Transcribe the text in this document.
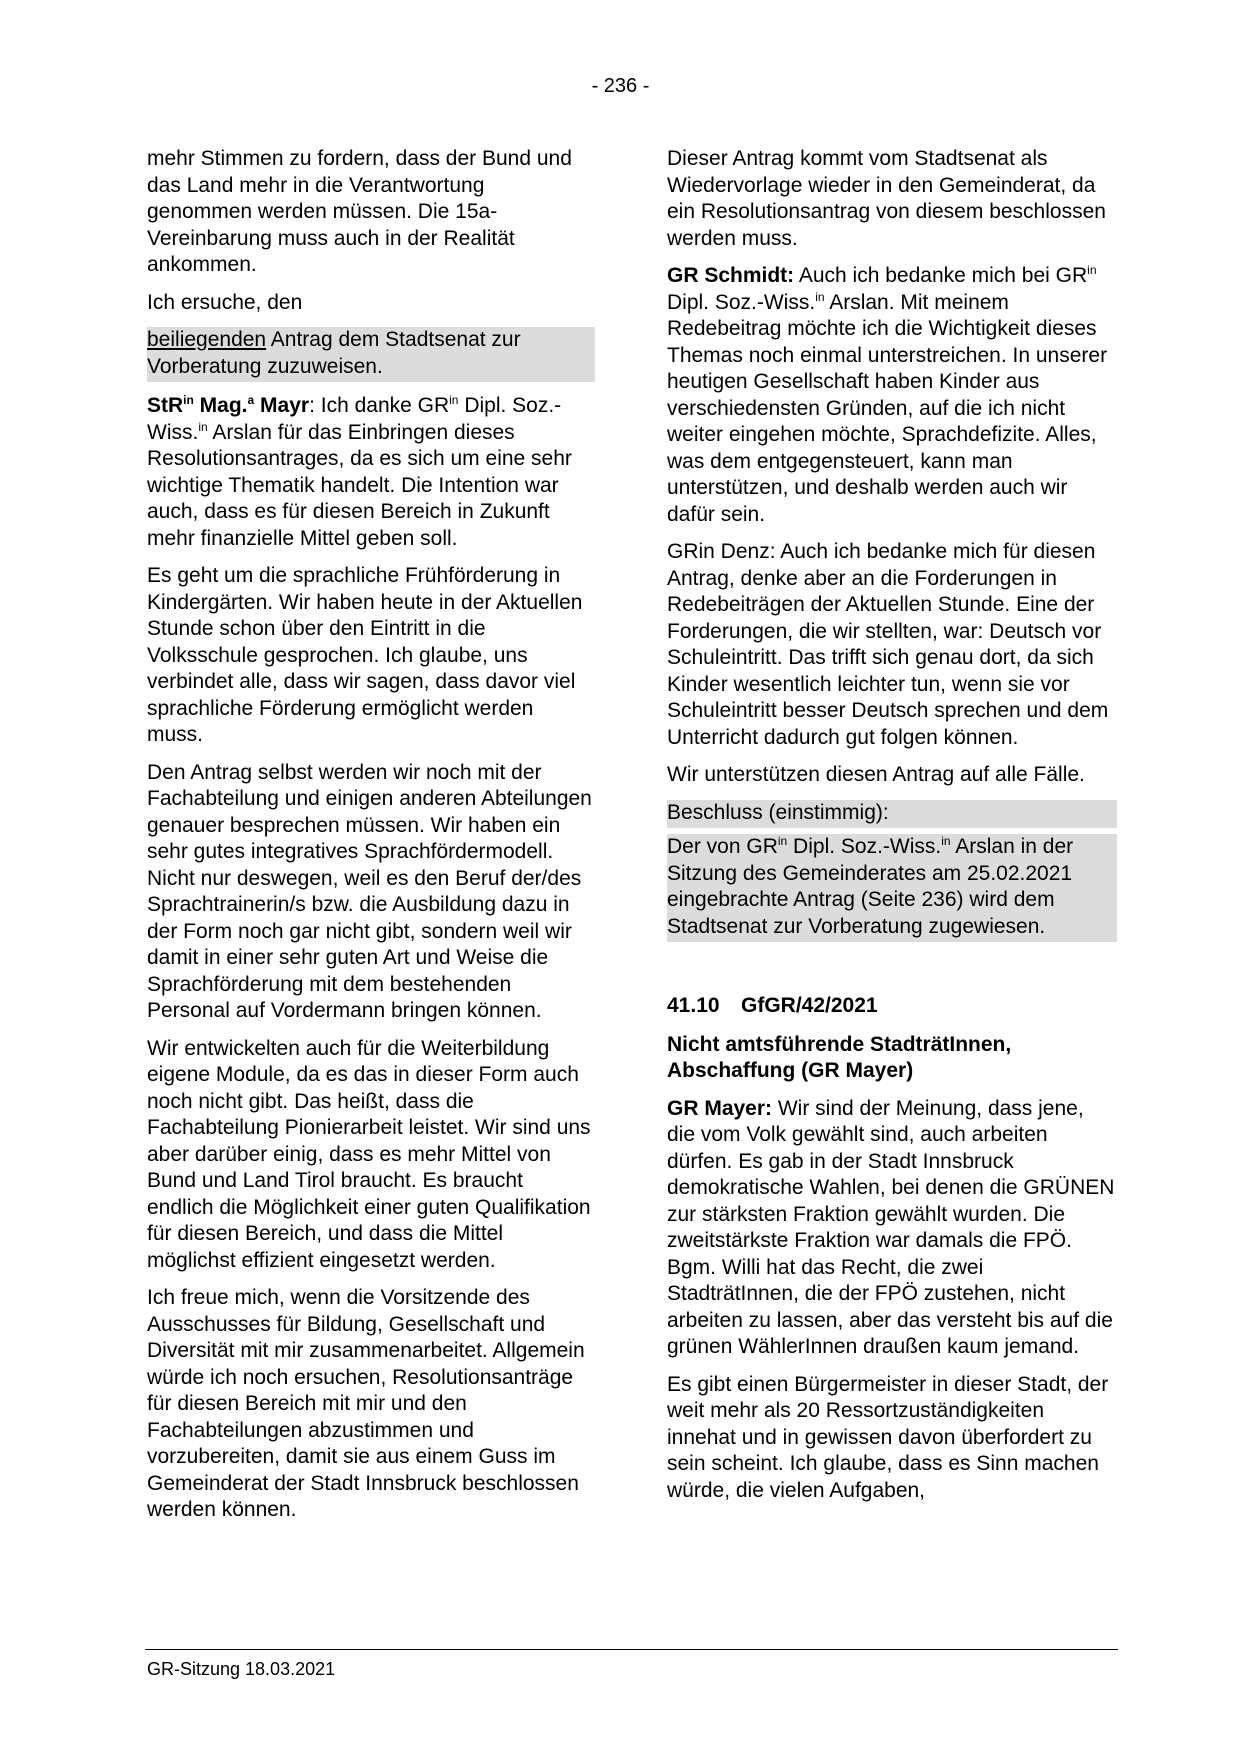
- 236 -

mehr Stimmen zu fordern, dass der Bund und das Land mehr in die Verantwortung genommen werden müssen. Die 15a-Vereinbarung muss auch in der Realität ankommen.

Ich ersuche, den

beiliegenden Antrag dem Stadtsenat zur Vorberatung zuzuweisen.

StR$^{in}$ Mag.$^a$ Mayr: Ich danke $GR^{in}$ Dipl. Soz.-Wiss.$^{in}$ Arslan für das Einbringen dieses Resolutionsantrages, da es sich um eine sehr wichtige Thematik handelt. Die Intention war auch, dass es für diesen Bereich in Zukunft mehr finanzielle Mittel geben soll.

Es geht um die sprachliche Frühförderung in Kindergärten. Wir haben heute in der Aktuellen Stunde schon über den Eintritt in die Volksschule gesprochen. Ich glaube, uns verbindet alle, dass wir sagen, dass davor viel sprachliche Förderung ermöglicht werden muss.

Den Antrag selbst werden wir noch mit der Fachabteilung und einigen anderen Abteilungen genauer besprechen müssen. Wir haben ein sehr gutes integratives Sprachfördermodell. Nicht nur deswegen, weil es den Beruf der/des Sprachtrainerin/s bzw. die Ausbildung dazu in der Form noch gar nicht gibt, sondern weil wir damit in einer sehr guten Art und Weise die Sprachförderung mit dem bestehenden Personal auf Vordermann bringen können.

Wir entwickelten auch für die Weiterbildung eigene Module, da es das in dieser Form auch noch nicht gibt. Das heißt, dass die Fachabteilung Pionierarbeit leistet. Wir sind uns aber darüber einig, dass es mehr Mittel von Bund und Land Tirol braucht. Es braucht endlich die Möglichkeit einer guten Qualifikation für diesen Bereich, und dass die Mittel möglichst effizient eingesetzt werden.

Ich freue mich, wenn die Vorsitzende des Ausschusses für Bildung, Gesellschaft und Diversität mit mir zusammenarbeitet. Allgemein würde ich noch ersuchen, Resolutionsanträge für diesen Bereich mit mir und den Fachabteilungen abzustimmen und vorzubereiten, damit sie aus einem Guss im Gemeinderat der Stadt Innsbruck beschlossen werden können.

Dieser Antrag kommt vom Stadtsenat als Wiedervorlage wieder in den Gemeinderat, da ein Resolutionsantrag von diesem beschlossen werden muss.

GR Schmidt: Auch ich bedanke mich bei $GR^{in}$ Dipl. Soz.-Wiss.$^{in}$ Arslan. Mit meinem Redebeitrag möchte ich die Wichtigkeit dieses Themas noch einmal unterstreichen. In unserer heutigen Gesellschaft haben Kinder aus verschiedensten Gründen, auf die ich nicht weiter eingehen möchte, Sprachdefizite. Alles, was dem entgegensteuert, kann man unterstützen, und deshalb werden auch wir dafür sein.

GRin Denz: Auch ich bedanke mich für diesen Antrag, denke aber an die Forderungen in Redebeiträgen der Aktuellen Stunde. Eine der Forderungen, die wir stellten, war: Deutsch vor Schuleintritt. Das trifft sich genau dort, da sich Kinder wesentlich leichter tun, wenn sie vor Schuleintritt besser Deutsch sprechen und dem Unterricht dadurch gut folgen können.

Wir unterstützen diesen Antrag auf alle Fälle.

Beschluss (einstimmig):

Der von $GR^{in}$ Dipl. Soz.-Wiss.$^{in}$ Arslan in der Sitzung des Gemeinderates am 25.02.2021 eingebrachte Antrag (Seite 236) wird dem Stadtsenat zur Vorberatung zugewiesen.

41.10	GfGR/42/2021

Nicht amtsführende StadträtInnen, Abschaffung (GR Mayer)

GR Mayer: Wir sind der Meinung, dass jene, die vom Volk gewählt sind, auch arbeiten dürfen. Es gab in der Stadt Innsbruck demokratische Wahlen, bei denen die GRÜNEN zur stärksten Fraktion gewählt wurden. Die zweitstärkste Fraktion war damals die FPÖ. Bgm. Willi hat das Recht, die zwei StadträtInnen, die der FPÖ zustehen, nicht arbeiten zu lassen, aber das versteht bis auf die grünen WählerInnen draußen kaum jemand.

Es gibt einen Bürgermeister in dieser Stadt, der weit mehr als 20 Ressortzuständigkeiten innehat und in gewissen davon überfordert zu sein scheint. Ich glaube, dass es Sinn machen würde, die vielen Aufgaben,

GR-Sitzung 18.03.2021
